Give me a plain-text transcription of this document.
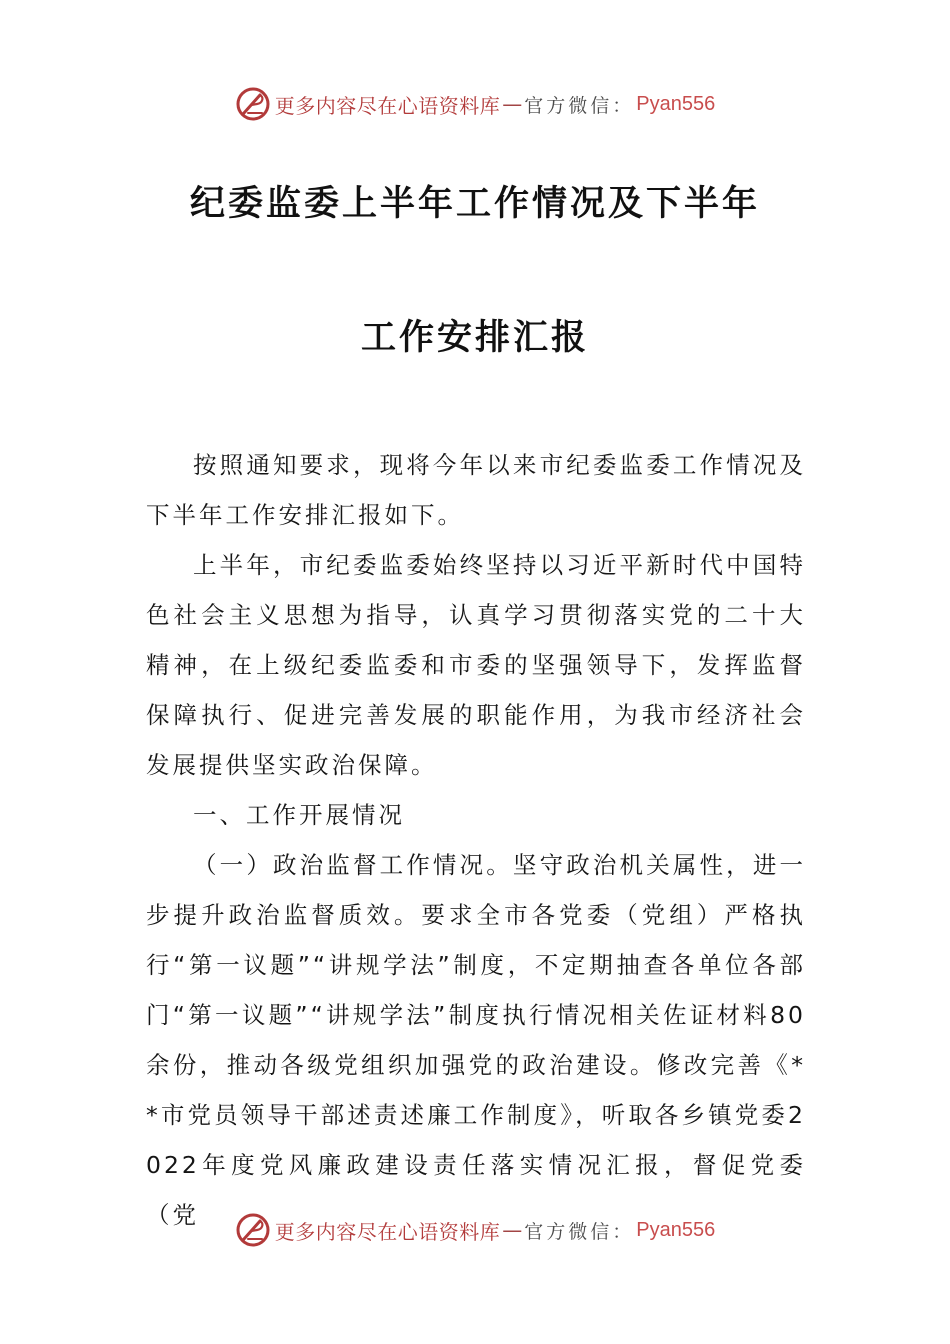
更多内容尽在心语资料库 — 官方微信： Pyan556
纪委监委上半年工作情况及下半年
工作安排汇报

按照通知要求，现将今年以来市纪委监委工作情况及下半年工作安排汇报如下。

上半年，市纪委监委始终坚持以习近平新时代中国特色社会主义思想为指导，认真学习贯彻落实党的二十大精神，在上级纪委监委和市委的坚强领导下，发挥监督保障执行、促进完善发展的职能作用，为我市经济社会发展提供坚实政治保障。

一、工作开展情况

（一）政治监督工作情况。坚守政治机关属性，进一步提升政治监督质效。要求全市各党委（党组）严格执行“第一议题”“讲规学法”制度，不定期抽查各单位各部门“第一议题”“讲规学法”制度执行情况相关佐证材料80余份，推动各级党组织加强党的政治建设。修改完善《**市党员领导干部述责述廉工作制度》，听取各乡镇党委2022年度党风廉政建设责任落实情况汇报，督促党委（党

更多内容尽在心语资料库 — 官方微信： Pyan556
